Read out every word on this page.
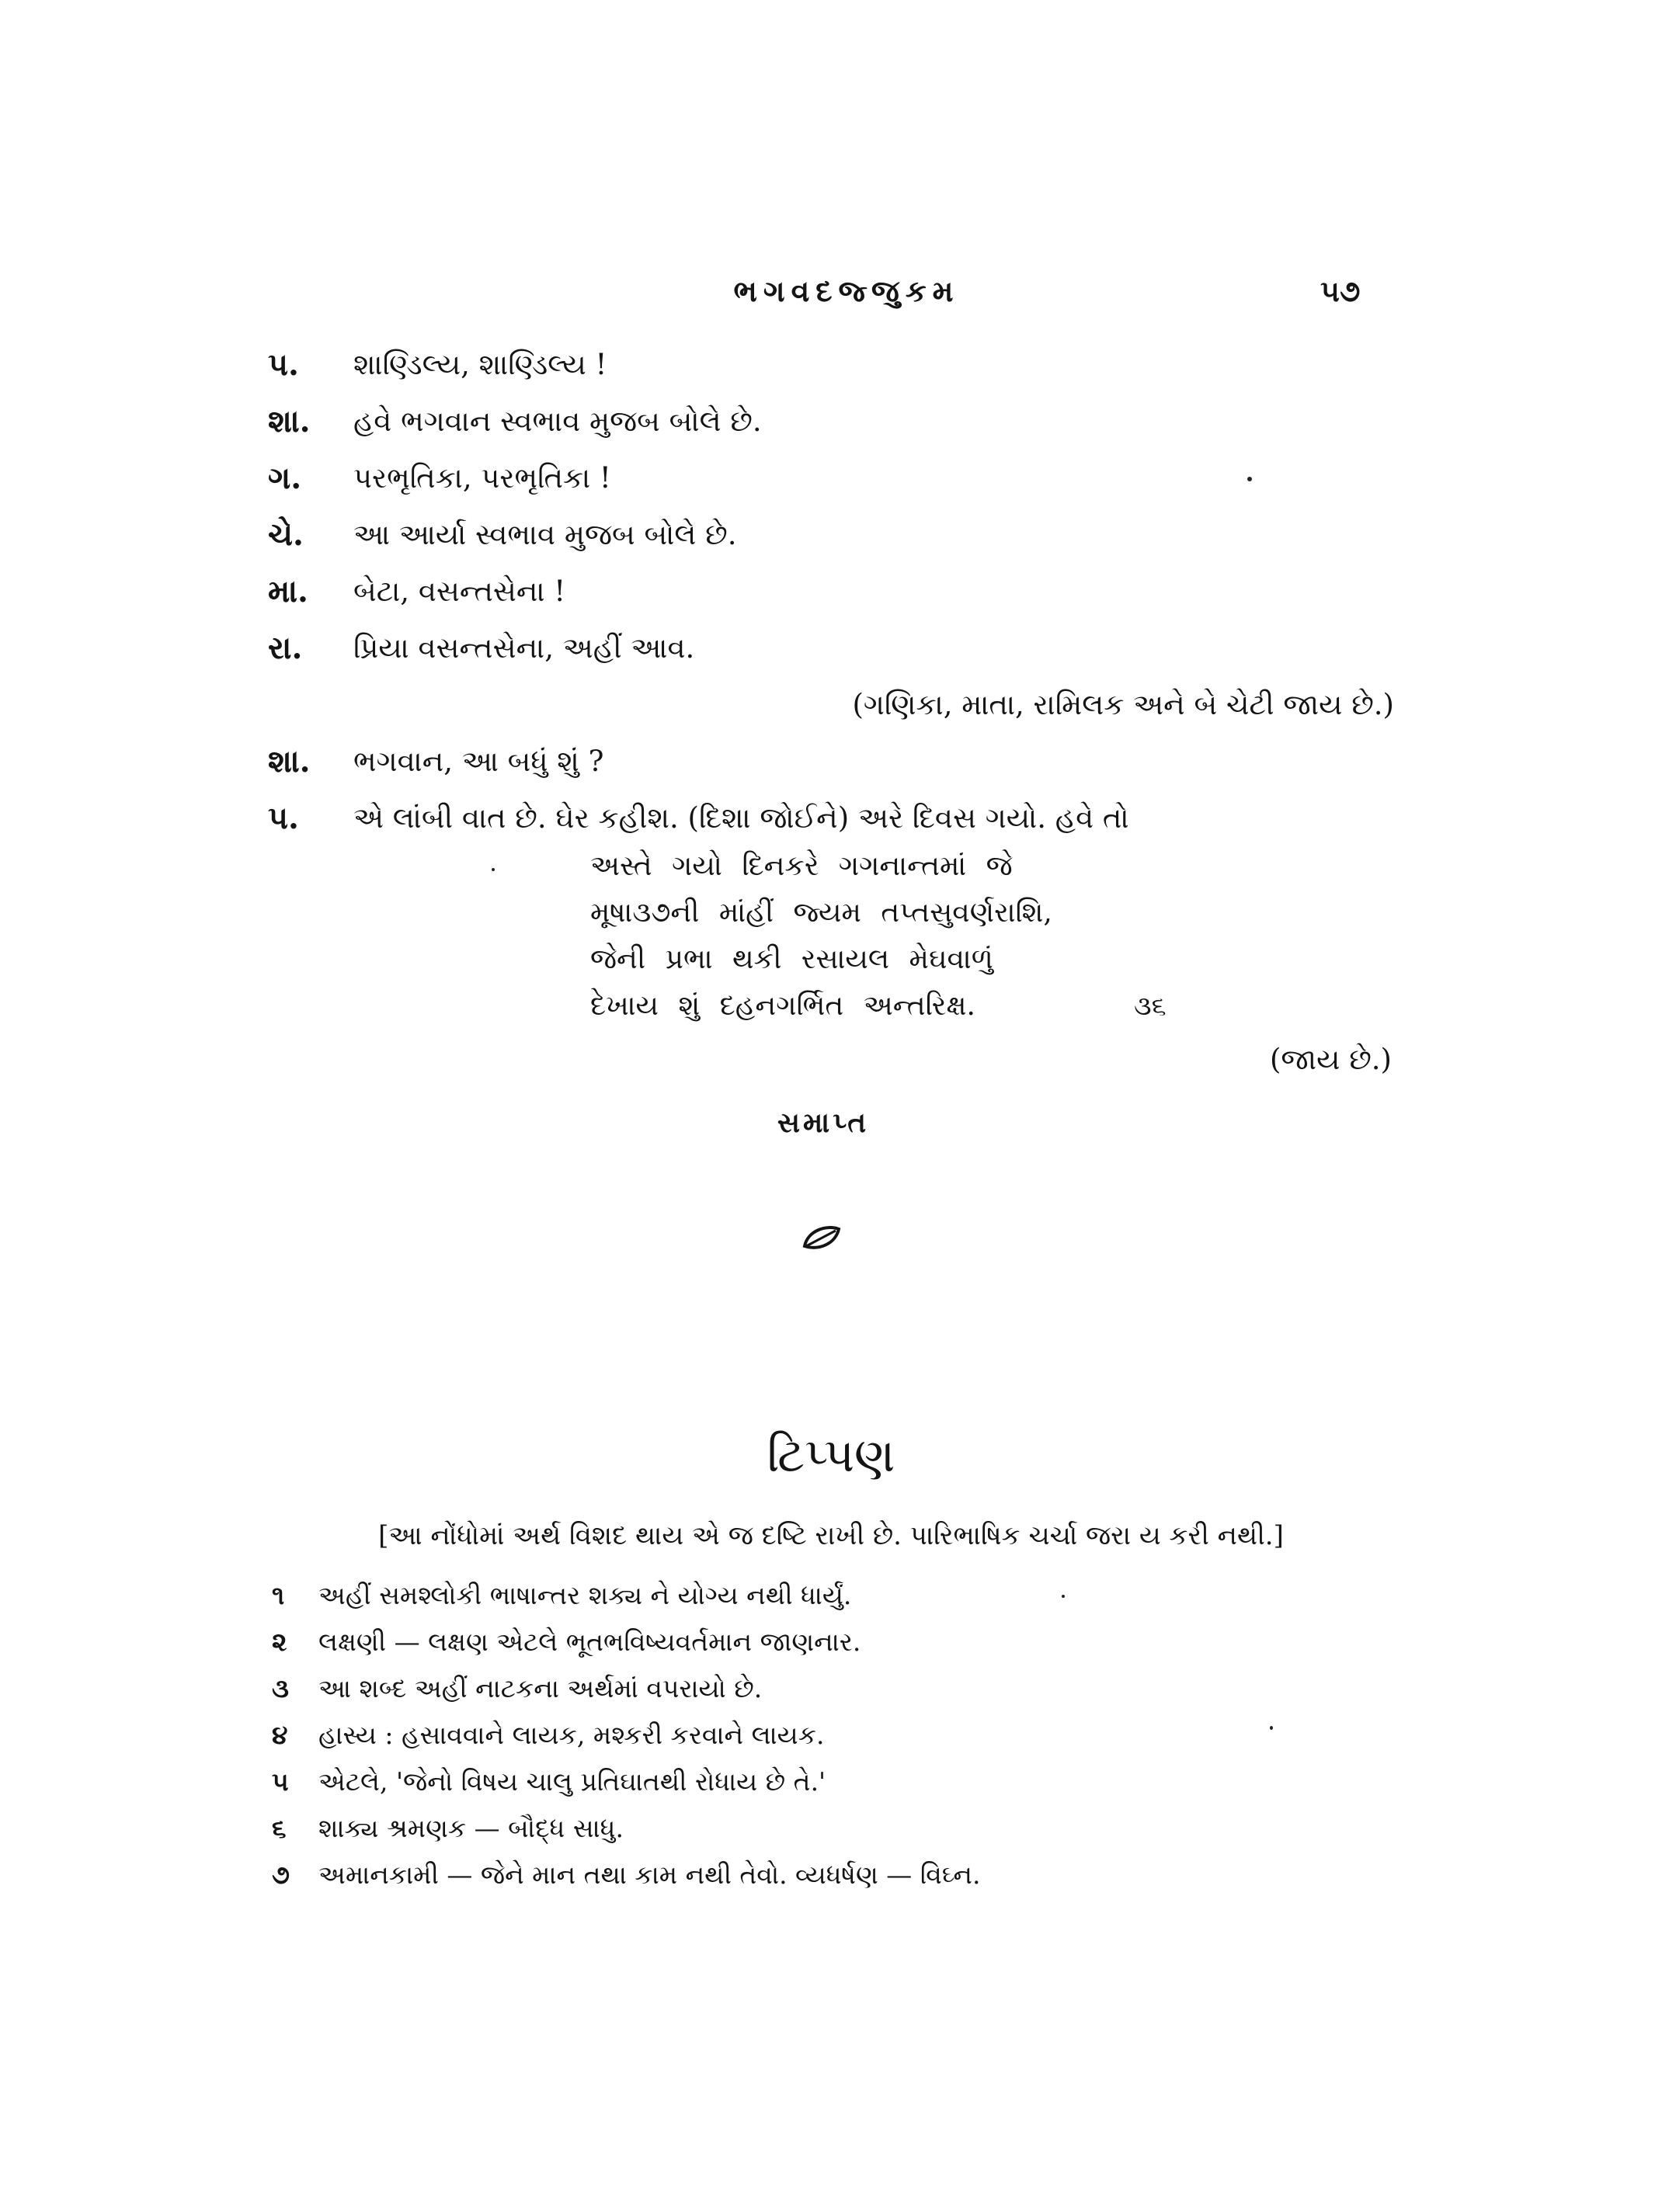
ભગવદજ્જુકમ	૫૭
પ.	શાણ્ડિલ્ય, શાણ્ડિલ્ય !
શા.	હવે ભગવાન સ્વભાવ મુજબ બોલે છે.
ગ.	પરભૃતિકા, પરભૃતિકા !
ચે.	આ આર્યા સ્વભાવ મુજબ બોલે છે.
મા.	બેટા, વસન્તસેના !
રા.	પ્રિયા વસન્તસેના, અહીં આવ.
(ગણિકા, માતા, રામિલક અને બે ચેટી જાય છે.)
શા.	ભગવાન, આ બધું શું ?
પ.	એ લાંબી વાત છે. ઘેર કહીશ. (દિશા જોઈને) અરે દિવસ ગયો. હવે તો
અસ્તે ગયો દિનકરે ગગનાન્તમાં જે
મૂષા૩૭ની માંહીં જ્યમ તપ્તસુવર્ણરાશિ,
જેની પ્રભા થકી રસાયલ મેઘવાળું
દેખાય શું દહનગર્ભિત અન્તરિક્ષ.	૩૬
(જાય છે.)
સમાપ્ત
ટિપ્પણ
[આ નોંધોમાં અર્થ વિશદ થાય એ જ દષ્ટિ રાખી છે. પારિભાષિક ચર્ચા જરા ય કરી નથી.]
૧	અહીં સમશ્લોકી ભાષાન્તર શક્ય ને યોગ્ય નથી ધાર્યું.
૨	લક્ષણી — લક્ષણ એટલે ભૂતભવિષ્યવર્તમાન જાણનાર.
૩	આ શબ્દ અહીં નાટકના અર્થમાં વપરાયો છે.
૪	હાસ્ય : હસાવવાને લાયક, મશ્કરી કરવાને લાયક.
૫	એટલે, 'જેનો વિષય ચાલુ પ્રતિઘાતથી રોધાય છે તે.'
૬	શાક્ય શ્રમણક — બૌદ્ધ સાધુ.
૭	અમાનકામી — જેને માન તથા કામ નથી તેવો. વ્યધર્ષણ — વિઘ્ન.
